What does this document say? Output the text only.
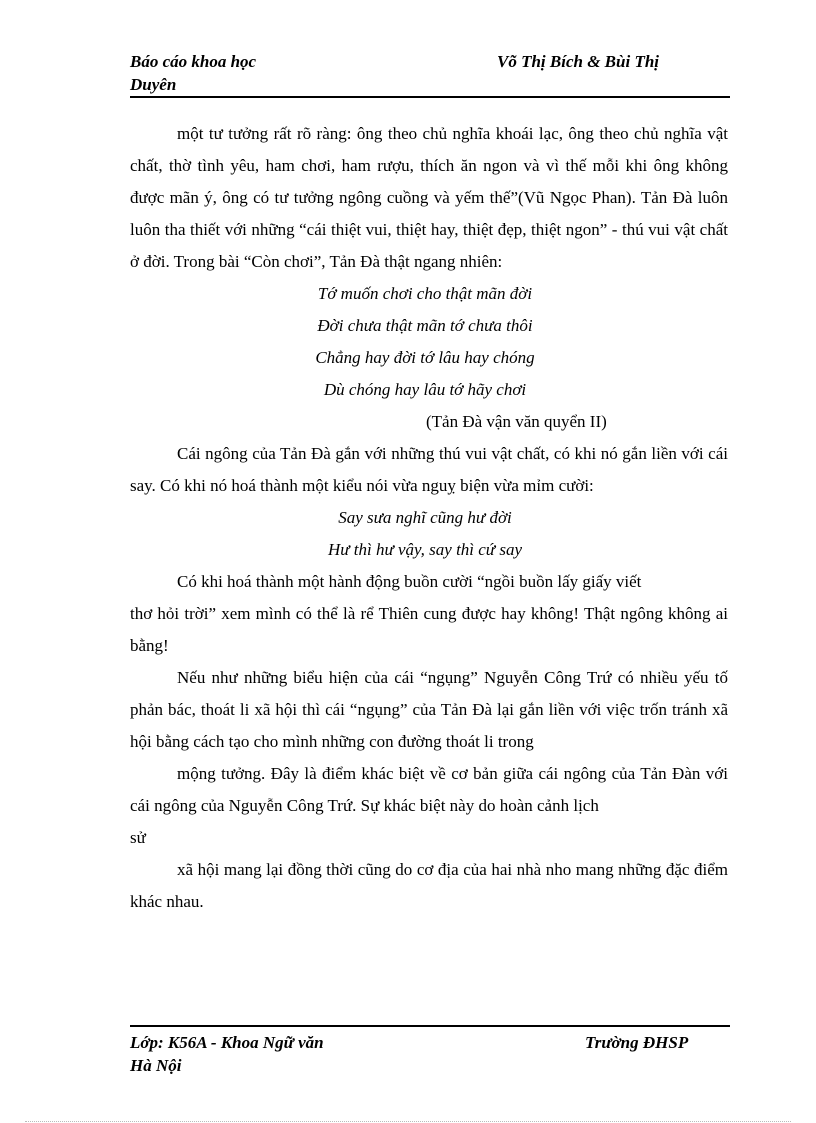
Báo cáo khoa học	Võ Thị Bích & Bùi Thị
Duyên

một tư tưởng rất rõ ràng: ông theo chủ nghĩa khoái lạc, ông theo chủ nghĩa vật chất, thờ tình yêu, ham chơi, ham rượu, thích ăn ngon và vì thế mỗi khi ông không được mãn ý, ông có tư tưởng ngông cuồng và yếm thế”(Vũ Ngọc Phan). Tản Đà luôn luôn tha thiết với những “cái thiệt vui, thiệt hay, thiệt đẹp, thiệt ngon” - thú vui vật chất ở đời. Trong bài “Còn chơi”, Tản Đà thật ngang nhiên:

Tớ muốn chơi cho thật mãn đời
Đời chưa thật mãn tớ chưa thôi
Chẳng hay đời tớ lâu hay chóng
Dù chóng hay lâu tớ hãy chơi

(Tản Đà vận văn quyển II)

Cái ngông của Tản Đà gắn với những thú vui vật chất, có khi nó gắn liền với cái say. Có khi nó hoá thành một kiểu nói vừa nguỵ biện vừa mỉm cười:

Say sưa nghĩ cũng hư đời
Hư thì hư vậy, say thì cứ say

Có khi hoá thành một hành động buồn cười “ngồi buồn lấy giấy viết

thơ hỏi trời” xem mình có thể là rể Thiên cung được hay không! Thật ngông không ai bằng!

Nếu như những biểu hiện của cái “ngụng” Nguyễn Công Trứ có nhiều yếu tố phản bác, thoát li xã hội thì cái “ngụng” của Tản Đà lại gắn liền với việc trốn tránh xã hội bằng cách tạo cho mình những con đường thoát li trong

mộng tưởng. Đây là điểm khác biệt về cơ bản giữa cái ngông của Tản Đàn với cái ngông của Nguyễn Công Trứ. Sự khác biệt này do hoàn cảnh lịch

sử

xã hội mang lại đồng thời cũng do cơ địa của hai nhà nho mang những đặc điểm khác nhau.

Lớp: K56A - Khoa Ngữ văn	Trường ĐHSP
Hà Nội
